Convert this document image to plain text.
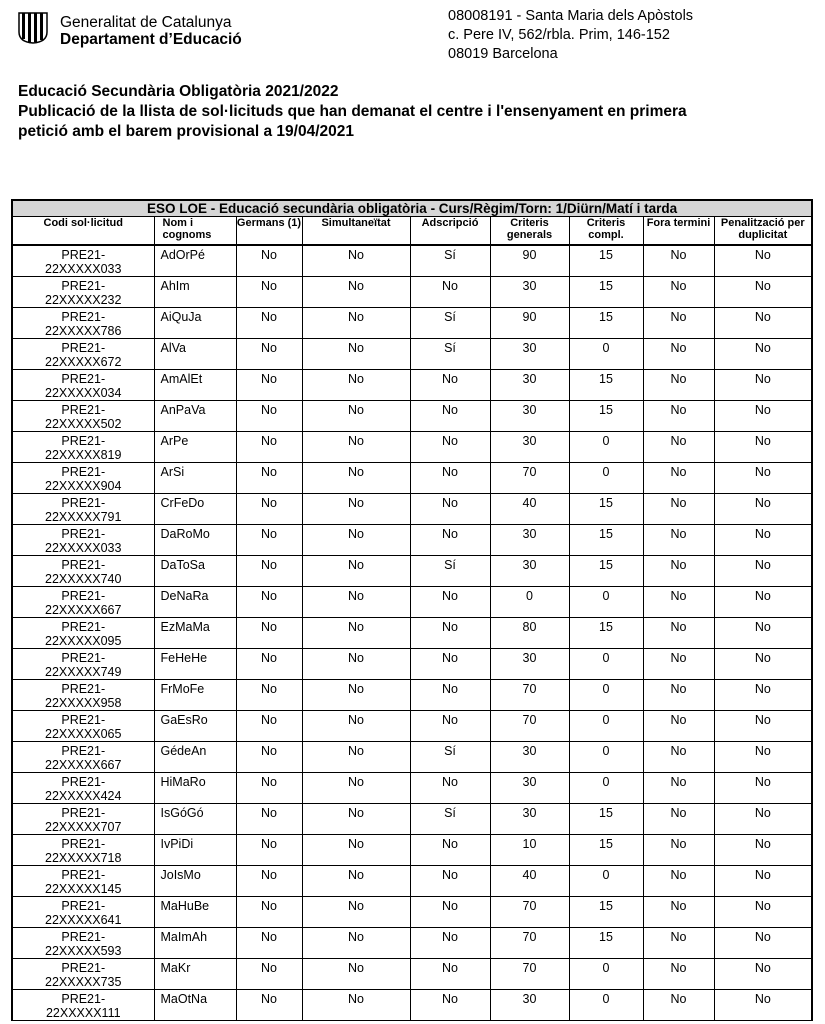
Generalitat de Catalunya
Departament d’Educació
08008191 - Santa Maria dels Apòstols
c. Pere IV, 562/rbla. Prim, 146-152
08019 Barcelona
Educació Secundària Obligatòria 2021/2022
Publicació de la llista de sol·licituds que han demanat el centre i l'ensenyament en primera
petició amb el barem provisional a 19/04/2021
ESO LOE - Educació secundària obligatòria - Curs/Règim/Torn: 1/Diürn/Matí i tarda								
Codi sol·licitud	Nom i cognoms	Germans (1)	Simultaneïtat	Adscripció	Criteris generals	Criteris compl.	Fora termini	Penalització per duplicitat

PRE21-
22XXXXX033	AdOrPé	No	No	Sí	90	15	No	No

PRE21-
22XXXXX232	AhIm	No	No	No	30	15	No	No

PRE21-
22XXXXX786	AiQuJa	No	No	Sí	90	15	No	No

PRE21-
22XXXXX672	AlVa	No	No	Sí	30	0	No	No

PRE21-
22XXXXX034	AmAlEt	No	No	No	30	15	No	No

PRE21-
22XXXXX502	AnPaVa	No	No	No	30	15	No	No

PRE21-
22XXXXX819	ArPe	No	No	No	30	0	No	No

PRE21-
22XXXXX904	ArSi	No	No	No	70	0	No	No

PRE21-
22XXXXX791	CrFeDo	No	No	No	40	15	No	No

PRE21-
22XXXXX033	DaRoMo	No	No	No	30	15	No	No

PRE21-
22XXXXX740	DaToSa	No	No	Sí	30	15	No	No

PRE21-
22XXXXX667	DeNaRa	No	No	No	0	0	No	No

PRE21-
22XXXXX095	EzMaMa	No	No	No	80	15	No	No

PRE21-
22XXXXX749	FeHeHe	No	No	No	30	0	No	No

PRE21-
22XXXXX958	FrMoFe	No	No	No	70	0	No	No

PRE21-
22XXXXX065	GaEsRo	No	No	No	70	0	No	No

PRE21-
22XXXXX667	GédeAn	No	No	Sí	30	0	No	No

PRE21-
22XXXXX424	HiMaRo	No	No	No	30	0	No	No

PRE21-
22XXXXX707	IsGóGó	No	No	Sí	30	15	No	No

PRE21-
22XXXXX718	IvPiDi	No	No	No	10	15	No	No

PRE21-
22XXXXX145	JoIsMo	No	No	No	40	0	No	No

PRE21-
22XXXXX641	MaHuBe	No	No	No	70	15	No	No

PRE21-
22XXXXX593	MaImAh	No	No	No	70	15	No	No

PRE21-
22XXXXX735	MaKr	No	No	No	70	0	No	No

PRE21-
22XXXXX111	MaOtNa	No	No	No	30	0	No	No
